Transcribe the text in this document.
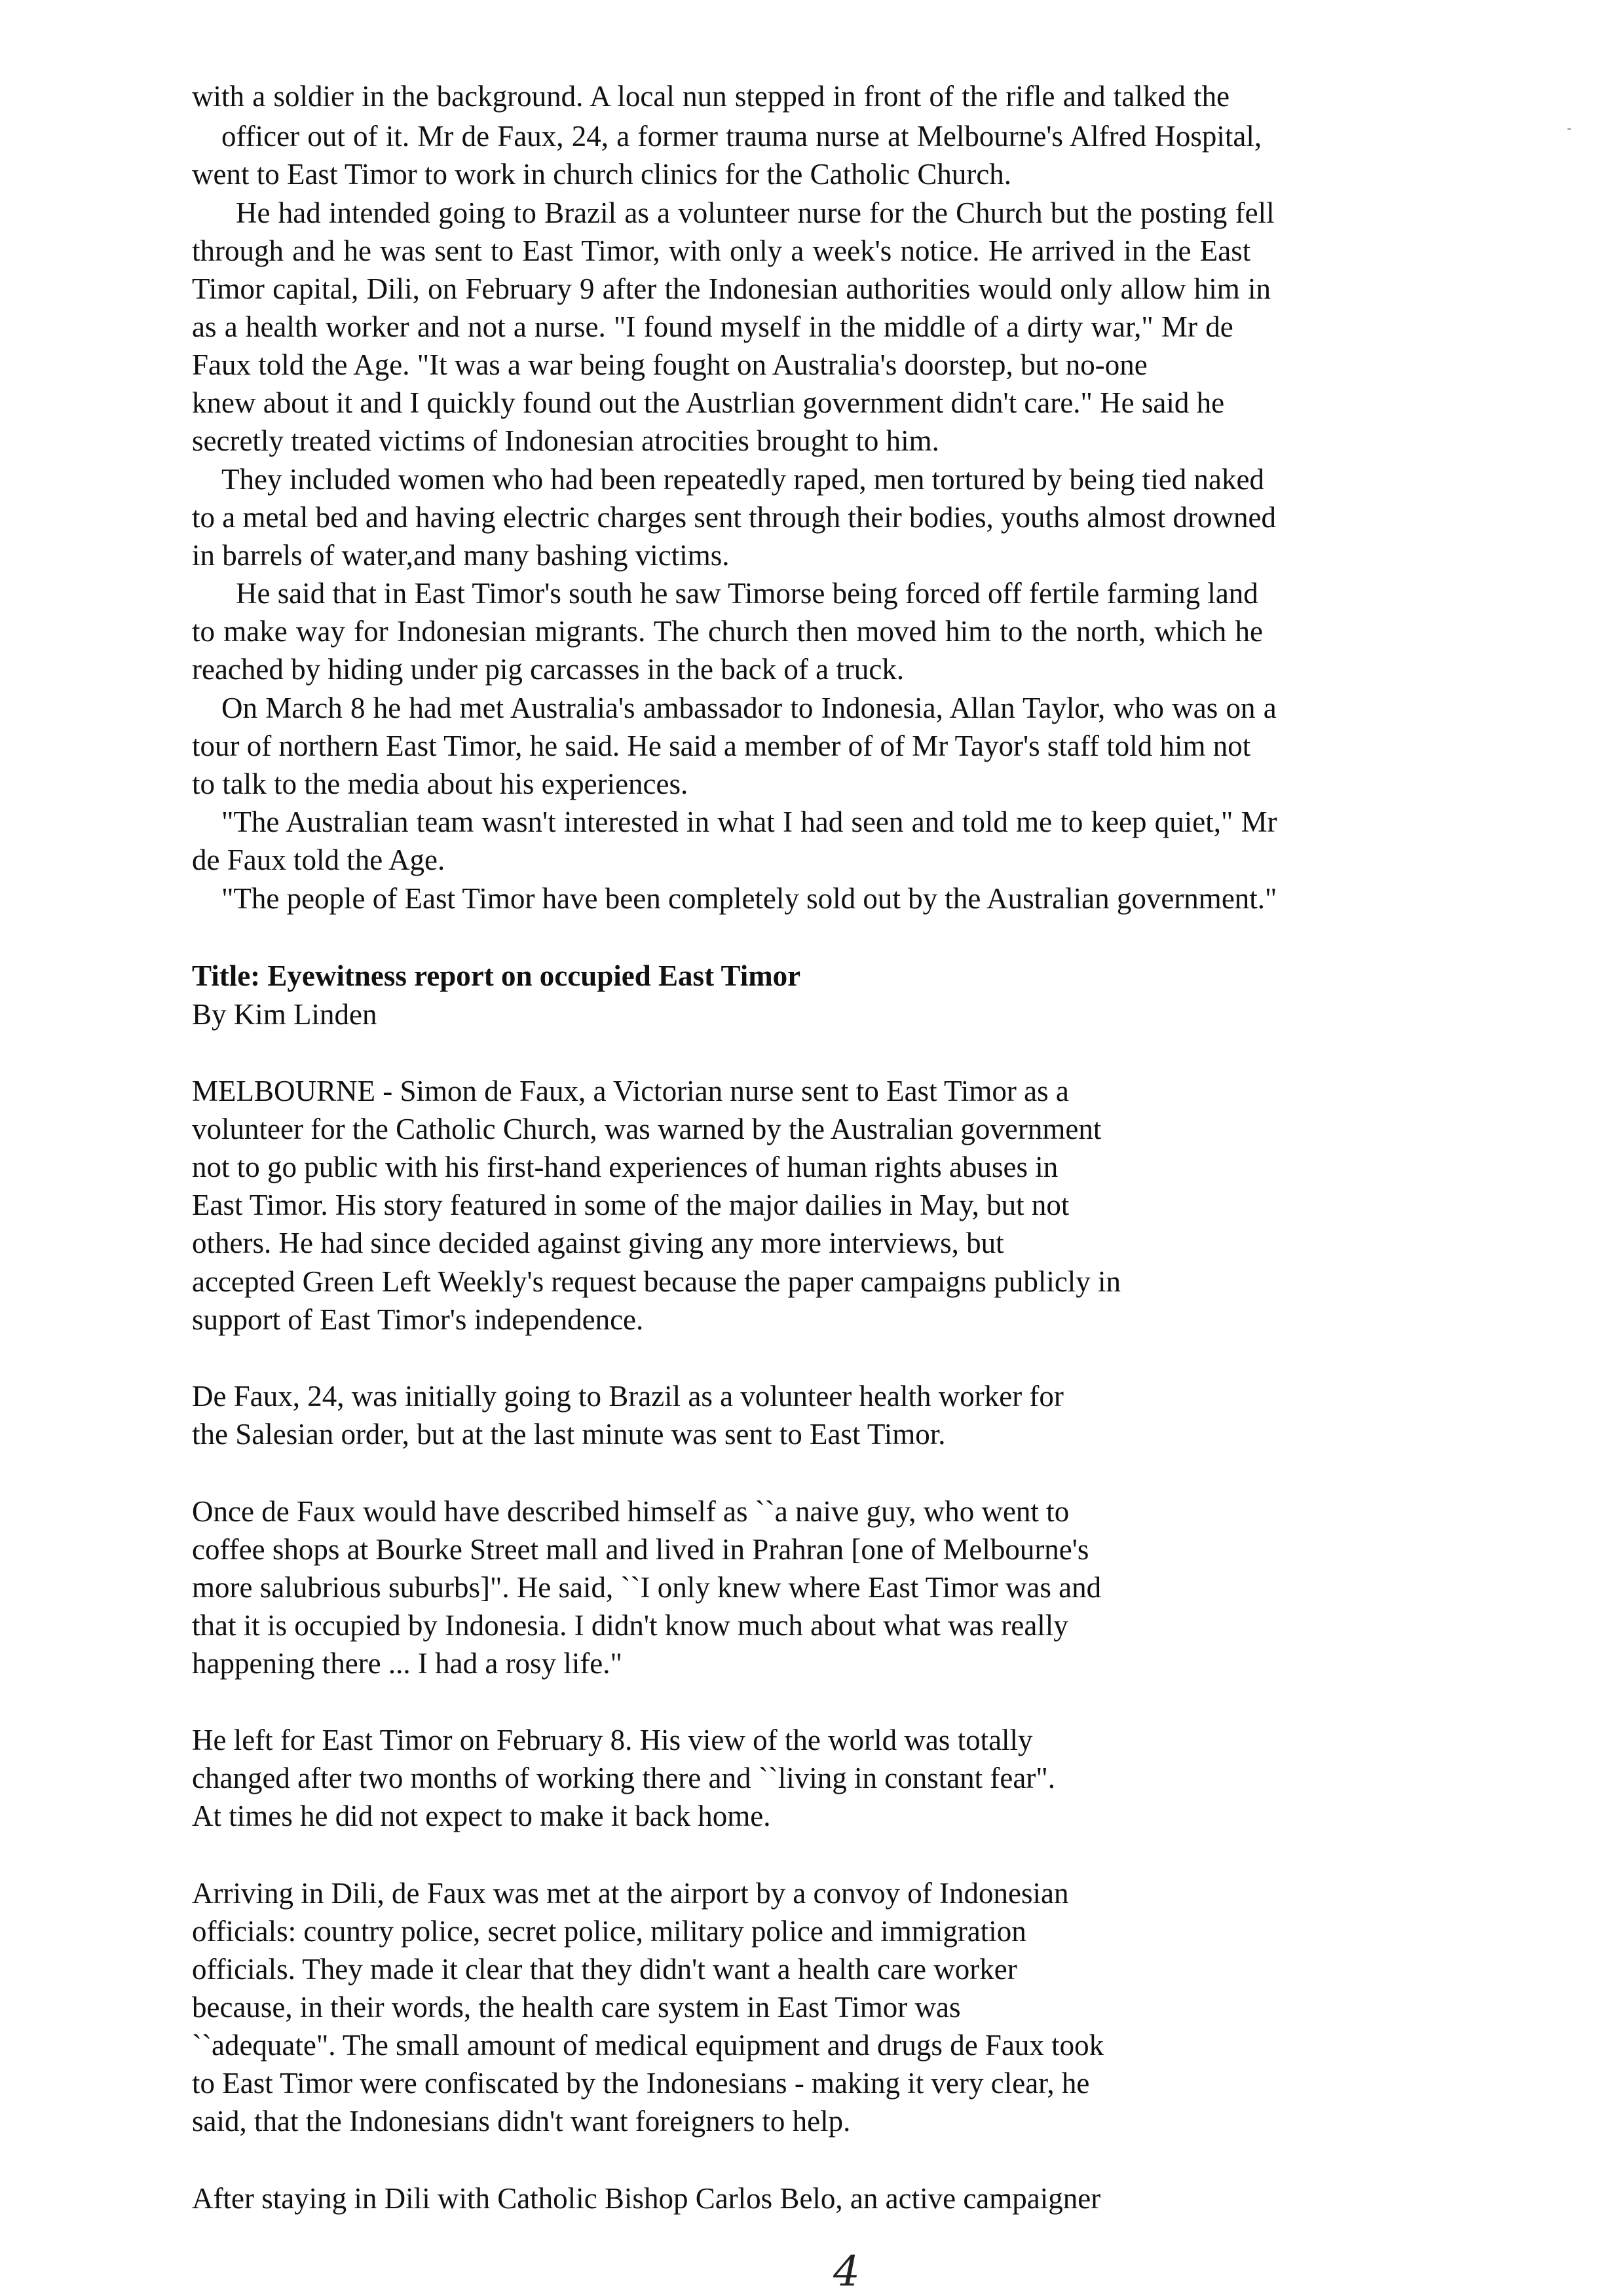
with a soldier in the background. A local nun stepped in front of the rifle and talked the
officer out of it. Mr de Faux, 24, a former trauma nurse at Melbourne's Alfred Hospital,
went to East Timor to work in church clinics for the Catholic Church.
He had intended going to Brazil as a volunteer nurse for the Church but the posting fell
through and he was sent to East Timor, with only a week's notice. He arrived in the East
Timor capital, Dili, on February 9 after the Indonesian authorities would only allow him in
as a health worker and not a nurse. "I found myself in the middle of a dirty war," Mr de
Faux told the Age. "It was a war being fought on Australia's doorstep, but no-one
knew about it and I quickly found out the Austrlian government didn't care." He said he
secretly treated victims of Indonesian atrocities brought to him.
They included women who had been repeatedly raped, men tortured by being tied naked
to a metal bed and having electric charges sent through their bodies, youths almost drowned
in barrels of water,and many bashing victims.
He said that in East Timor's south he saw Timorse being forced off fertile farming land
to make way for Indonesian migrants. The church then moved him to the north, which he
reached by hiding under pig carcasses in the back of a truck.
On March 8 he had met Australia's ambassador to Indonesia, Allan Taylor, who was on a
tour of northern East Timor, he said. He said a member of of Mr Tayor's staff told him not
to talk to the media about his experiences.
"The Australian team wasn't interested in what I had seen and told me to keep quiet," Mr
de Faux told the Age.
"The people of East Timor have been completely sold out by the Australian government."
Title: Eyewitness report on occupied East Timor
By Kim Linden
MELBOURNE - Simon de Faux, a Victorian nurse sent to East Timor as a
volunteer for the Catholic Church, was warned by the Australian government
not to go public with his first-hand experiences of human rights abuses in
East Timor. His story featured in some of the major dailies in May, but not
others. He had since decided against giving any more interviews, but
accepted Green Left Weekly's request because the paper campaigns publicly in
support of East Timor's independence.
De Faux, 24, was initially going to Brazil as a volunteer health worker for
the Salesian order, but at the last minute was sent to East Timor.
Once de Faux would have described himself as ``a naive guy, who went to
coffee shops at Bourke Street mall and lived in Prahran [one of Melbourne's
more salubrious suburbs]". He said, ``I only knew where East Timor was and
that it is occupied by Indonesia. I didn't know much about what was really
happening there ... I had a rosy life."
He left for East Timor on February 8. His view of the world was totally
changed after two months of working there and ``living in constant fear".
At times he did not expect to make it back home.
Arriving in Dili, de Faux was met at the airport by a convoy of Indonesian
officials: country police, secret police, military police and immigration
officials. They made it clear that they didn't want a health care worker
because, in their words, the health care system in East Timor was
``adequate". The small amount of medical equipment and drugs de Faux took
to East Timor were confiscated by the Indonesians - making it very clear, he
said, that the Indonesians didn't want foreigners to help.
After staying in Dili with Catholic Bishop Carlos Belo, an active campaigner
4
